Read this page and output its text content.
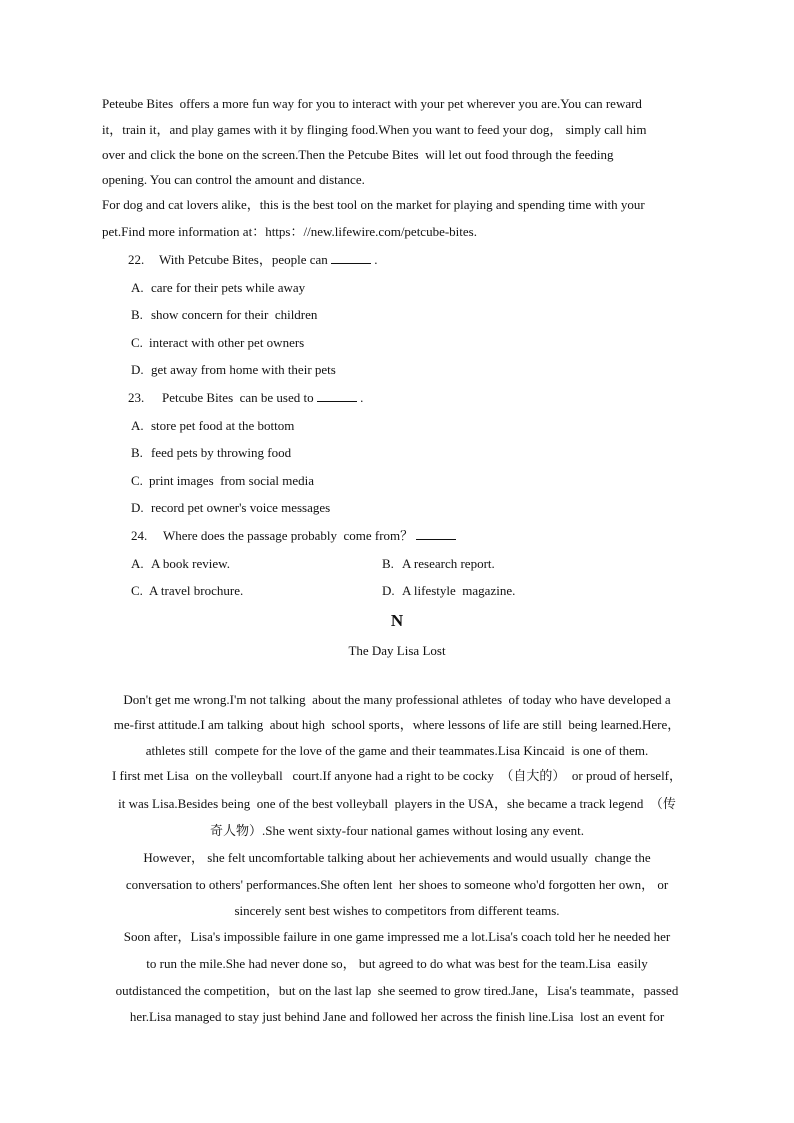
Peteube Bites  offers a more fun way for you to interact with your pet wherever you are.You can reward
it，train it，and play games with it by flinging food.When you want to feed your dog， simply call him
over and click the bone on the screen.Then the Petcube Bites  will let out food through the feeding
opening. You can control the amount and distance.
For dog and cat lovers alike，this is the best tool on the market for playing and spending time with your
pet.Find more information at：https：//new.lifewire.com/petcube-bites.
22. With Petcube Bites，people can	.
A. care for their pets while away
B. show concern for their  children
C. interact with other pet owners
D. get away from home with their pets
23. Petcube Bites  can be used to	.
A. store pet food at the bottom
B. feed pets by throwing food
C. print images  from social media
D. record pet owner's voice messages
24. Where does the passage probably  come from？
A. A book review.	B. A research report.
C. A travel brochure.	D. A lifestyle  magazine.
N
The Day Lisa Lost
Don't get me wrong.I'm not talking  about the many professional athletes  of today who have developed a
me-first attitude.I am talking  about high  school sports，where lessons of life are still  being learned.Here，
athletes still  compete for the love of the game and their teammates.Lisa Kincaid  is one of them.
I first met Lisa  on the volleyball   court.If anyone had a right to be cocky  （自大的）  or proud of herself，
it was Lisa.Besides being  one of the best volleyball  players in the USA，she became a track legend  （传
奇人物）.She went sixty-four national games without losing any event.
However， she felt uncomfortable talking about her achievements and would usually  change the
conversation to others' performances.She often lent  her shoes to someone who'd forgotten her own， or
sincerely sent best wishes to competitors from different teams.
Soon after，Lisa's impossible failure in one game impressed me a lot.Lisa's coach told her he needed her
to run the mile.She had never done so， but agreed to do what was best for the team.Lisa  easily
outdistanced the competition，but on the last lap  she seemed to grow tired.Jane，Lisa's teammate，passed
her.Lisa managed to stay just behind Jane and followed her across the finish line.Lisa  lost an event for
